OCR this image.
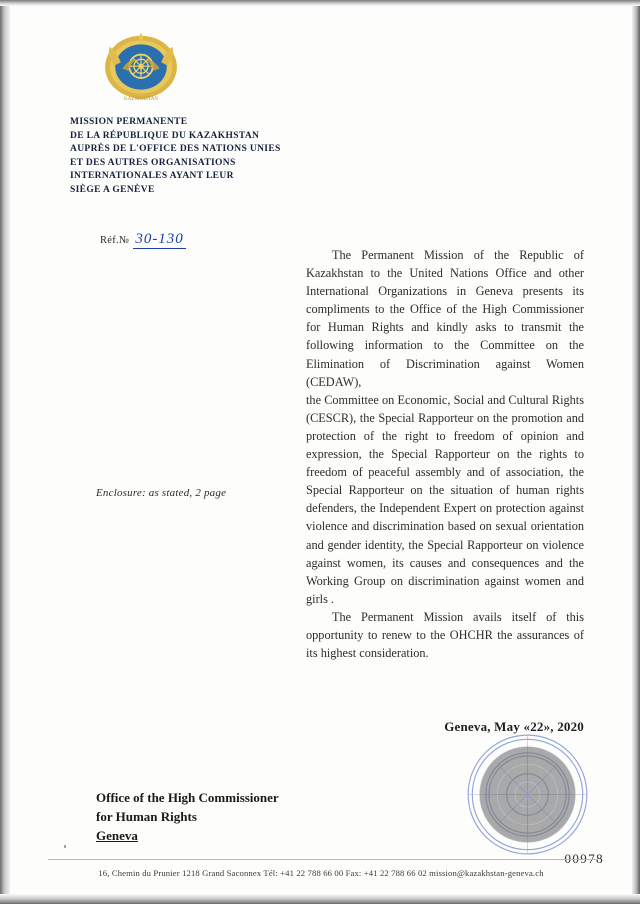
KAZAKHSTAN
MISSION PERMANENTE
DE LA RÉPUBLIQUE DU KAZAKHSTAN
AUPRÈS DE L'OFFICE DES NATIONS UNIES
ET DES AUTRES ORGANISATIONS
INTERNATIONALES AYANT LEUR
SIÈGE A GENÈVE
Réf.№ 30-130
Enclosure: as stated, 2 page

The Permanent Mission of the Republic of Kazakhstan to the United Nations Office and other International Organizations in Geneva presents its compliments to the Office of the High Commissioner for Human Rights and kindly asks to transmit the following information to the Committee on the Elimination of Discrimination against Women (CEDAW),

the Committee on Economic, Social and Cultural Rights (CESCR), the Special Rapporteur on the promotion and protection of the right to freedom of opinion and expression, the Special Rapporteur on the rights to freedom of peaceful assembly and of association, the Special Rapporteur on the situation of human rights defenders, the Independent Expert on protection against violence and discrimination based on sexual orientation and gender identity, the Special Rapporteur on violence against women, its causes and consequences and the Working Group on discrimination against women and girls .

The Permanent Mission avails itself of this opportunity to renew to the OHCHR the assurances of its highest consideration.

Geneva, May «22», 2020
Office of the High Commissioner
for Human Rights
Geneva
00978
16, Chemin du Prunier 1218 Grand Saconnex Tél: +41 22 788 66 00 Fax: +41 22 788 66 02 mission@kazakhstan-geneva.ch
